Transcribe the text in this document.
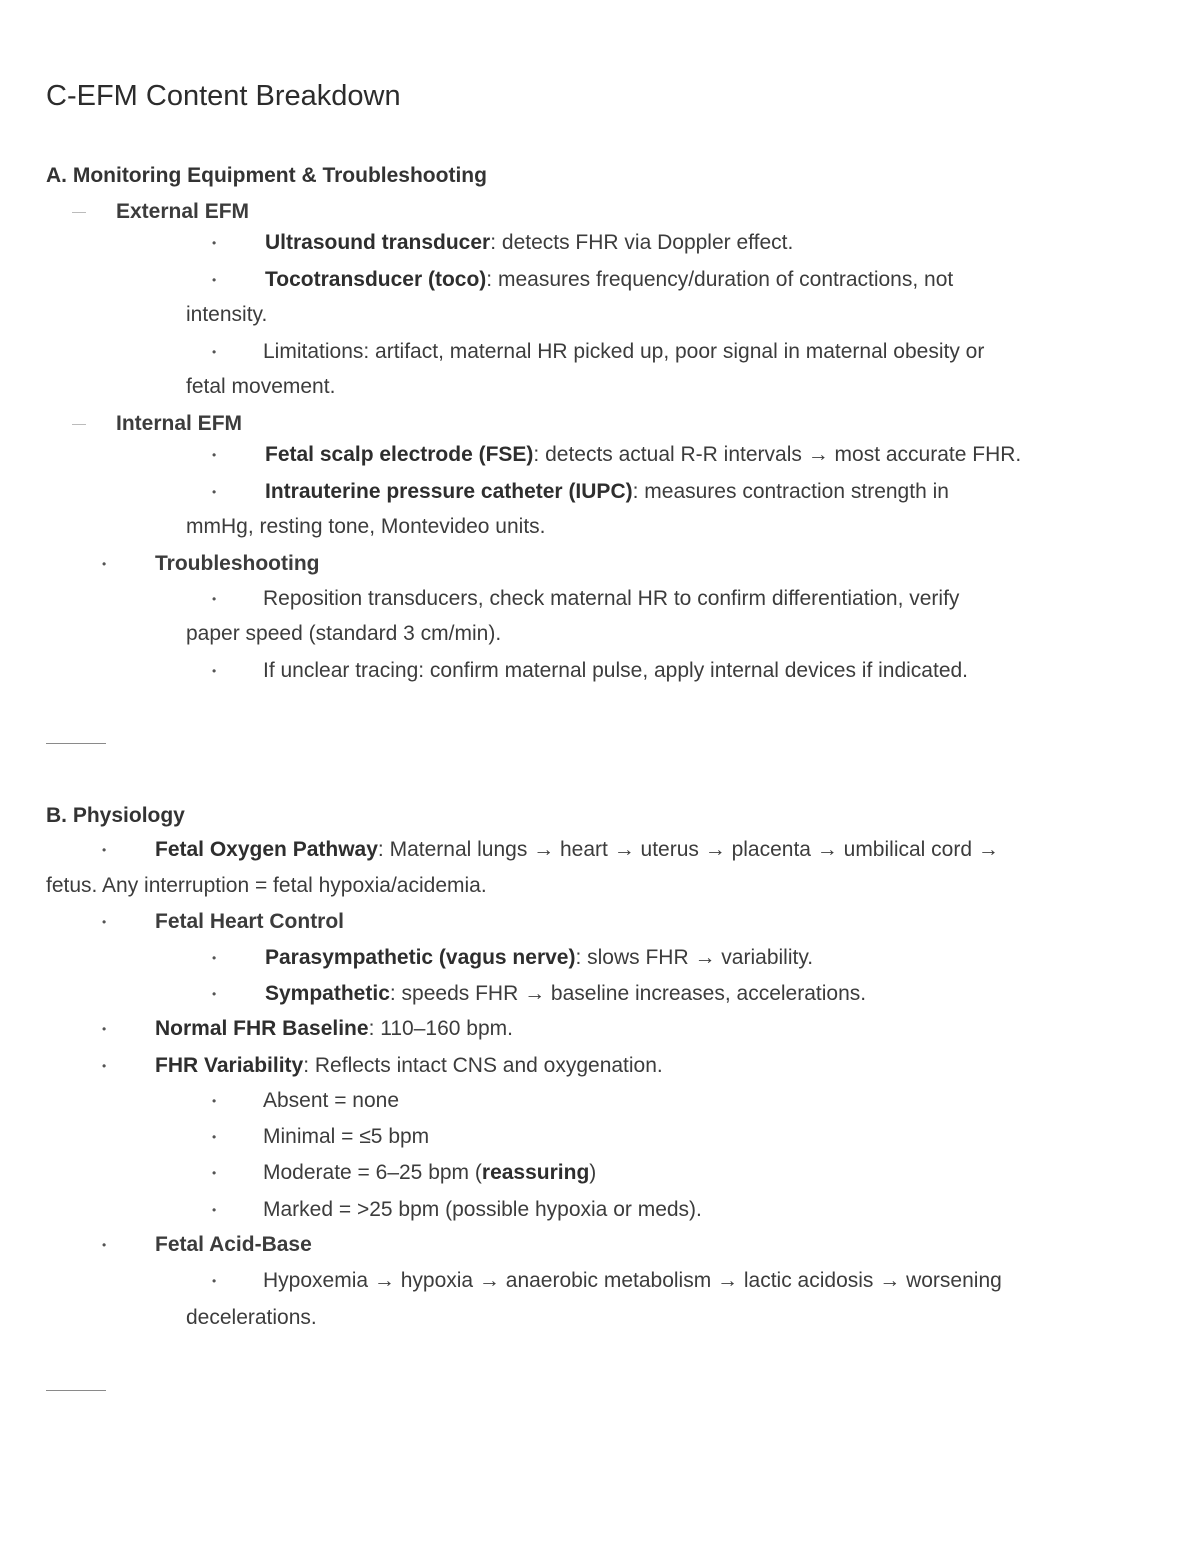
C-EFM Content Breakdown
A. Monitoring Equipment & Troubleshooting
External EFM
• Ultrasound transducer: detects FHR via Doppler effect.
• Tocotransducer (toco): measures frequency/duration of contractions, not
intensity.
• Limitations: artifact, maternal HR picked up, poor signal in maternal obesity or
fetal movement.
Internal EFM
• Fetal scalp electrode (FSE): detects actual R-R intervals → most accurate FHR.
• Intrauterine pressure catheter (IUPC): measures contraction strength in
mmHg, resting tone, Montevideo units.
• Troubleshooting
• Reposition transducers, check maternal HR to confirm differentiation, verify
paper speed (standard 3 cm/min).
• If unclear tracing: confirm maternal pulse, apply internal devices if indicated.
B. Physiology
• Fetal Oxygen Pathway: Maternal lungs → heart → uterus → placenta → umbilical cord →
fetus. Any interruption = fetal hypoxia/acidemia.
• Fetal Heart Control
• Parasympathetic (vagus nerve): slows FHR → variability.
• Sympathetic: speeds FHR → baseline increases, accelerations.
• Normal FHR Baseline: 110–160 bpm.
• FHR Variability: Reflects intact CNS and oxygenation.
• Absent = none
• Minimal = ≤5 bpm
• Moderate = 6–25 bpm (reassuring)
• Marked = >25 bpm (possible hypoxia or meds).
• Fetal Acid-Base
• Hypoxemia → hypoxia → anaerobic metabolism → lactic acidosis → worsening
decelerations.
